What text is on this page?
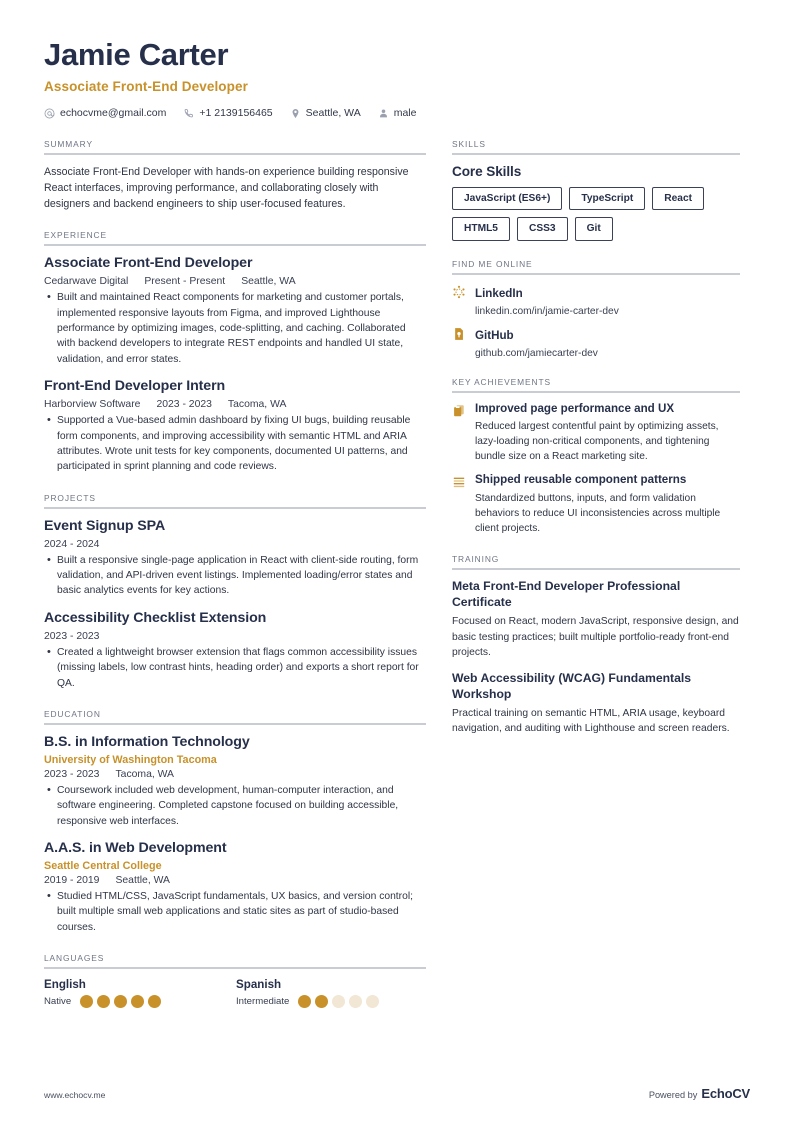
Jamie Carter
Associate Front-End Developer
echocvme@gmail.com	+1 2139156465	Seattle, WA	male
SUMMARY
Associate Front-End Developer with hands-on experience building responsive React interfaces, improving performance, and collaborating closely with designers and backend engineers to ship user-focused features.
EXPERIENCE
Associate Front-End Developer
Cedarwave Digital Present - Present Seattle, WA
• Built and maintained React components for marketing and customer portals, implemented responsive layouts from Figma, and improved Lighthouse performance by optimizing images, code-splitting, and caching. Collaborated with backend developers to integrate REST endpoints and handled UI state, validation, and error states.
Front-End Developer Intern
Harborview Software 2023 - 2023 Tacoma, WA
• Supported a Vue-based admin dashboard by fixing UI bugs, building reusable form components, and improving accessibility with semantic HTML and ARIA attributes. Wrote unit tests for key components, documented UI patterns, and participated in sprint planning and code reviews.
PROJECTS
Event Signup SPA
2024 - 2024
• Built a responsive single-page application in React with client-side routing, form validation, and API-driven event listings. Implemented loading/error states and basic analytics events for key actions.
Accessibility Checklist Extension
2023 - 2023
• Created a lightweight browser extension that flags common accessibility issues (missing labels, low contrast hints, heading order) and exports a short report for QA.
EDUCATION
B.S. in Information Technology
University of Washington Tacoma
2023 - 2023 Tacoma, WA
• Coursework included web development, human-computer interaction, and software engineering. Completed capstone focused on building accessible, responsive web interfaces.
A.A.S. in Web Development
Seattle Central College
2019 - 2019 Seattle, WA
• Studied HTML/CSS, JavaScript fundamentals, UX basics, and version control; built multiple small web applications and static sites as part of studio-based courses.
LANGUAGES
English
Native
Spanish
Intermediate
SKILLS
Core Skills
JavaScript (ES6+)	TypeScript	React
HTML5	CSS3	Git
FIND ME ONLINE
LinkedIn
linkedin.com/in/jamie-carter-dev
GitHub
github.com/jamiecarter-dev
KEY ACHIEVEMENTS
Improved page performance and UX
Reduced largest contentful paint by optimizing assets, lazy-loading non-critical components, and tightening bundle size on a React marketing site.
Shipped reusable component patterns
Standardized buttons, inputs, and form validation behaviors to reduce UI inconsistencies across multiple client projects.
TRAINING
Meta Front-End Developer Professional Certificate
Focused on React, modern JavaScript, responsive design, and basic testing practices; built multiple portfolio-ready front-end projects.
Web Accessibility (WCAG) Fundamentals Workshop
Practical training on semantic HTML, ARIA usage, keyboard navigation, and auditing with Lighthouse and screen readers.
www.echocv.me	Powered by EchoCV
